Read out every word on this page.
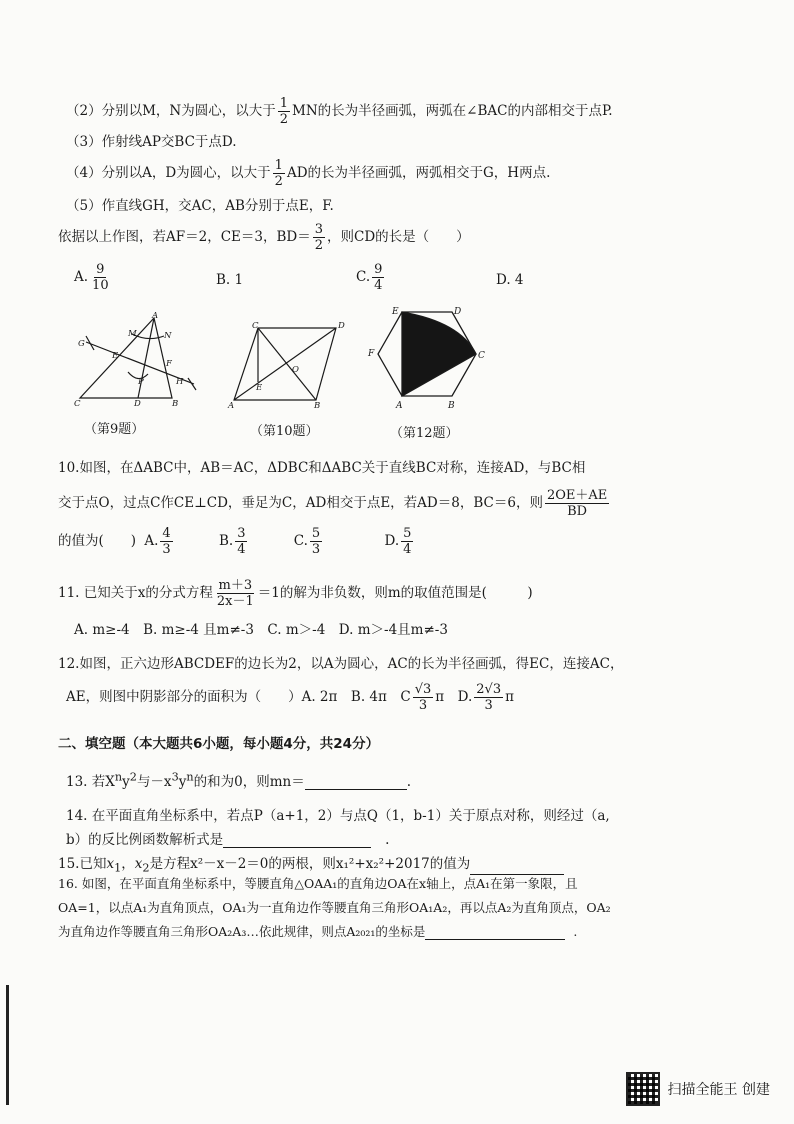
（2）分别以M，N为圆心，以大于 $\frac{1}{2}$ MN的长为半径画弧，两弧在∠BAC的内部相交于点P.
（3）作射线AP交BC于点D.
（4）分别以A，D为圆心，以大于 $\frac{1}{2}$ AD的长为半径画弧，两弧相交于G，H两点.
（5）作直线GH，交AC，AB分别于点E，F.
依据以上作图，若AF＝2，CE＝3，$BD= \frac{3}{2}$ ，则CD的长是（　　）
A. $\frac{9}{10}$	B. 1	C. $\frac{9}{4}$	D. 4
A
M	N
G
E
F
P	H
C	D	B
（第9题）
C	D
O
E
A	B
（第10题）
E	D
F	C
A	B
（第12题）
10.如图，在ΔABC中，AB＝AC，ΔDBC和ΔABC关于直线BC对称，连接AD，与BC相
交于点O，过点C作CE⊥CD，垂足为C，AD相交于点E，若AD＝8，BC＝6，则 $\frac{2OE+AE}{BD}$
的值为(　　) A. $\frac{4}{3}$	B. $\frac{3}{4}$	C. $\frac{5}{3}$	D. $\frac{5}{4}$
11. 已知关于x的分式方程 $\frac{m+3}{2x-1} =1$的解为非负数，则m的取值范围是(　　　)
A. m≥-4　B. m≥-4 且m≠-3　C. m＞-4　D. m＞-4且m≠-3
12.如图，正六边形ABCDEF的边长为2，以A为圆心，AC的长为半径画弧，得EC，连接AC，
AE，则图中阴影部分的面积为（　　）A. 2π　B. 4π　C $\frac{√3}{3}$ π　D. $\frac{2√3}{3}$ π
二、填空题（本大题共6小题，每小题4分，共24分）
13. 若$X^ny^2$与$-x^3y^n$的和为0，则mn＝	.
14. 在平面直角坐标系中，若点P（a+1，2）与点Q（1，b-1）关于原点对称，则经过（a,
b）的反比例函数解析式是	.
15.已知$x_1$，$x_2$是方程x²－x－2＝0的两根，则x₁²+x₂²+2017的值为
16. 如图，在平面直角坐标系中，等腰直角△OAA₁的直角边OA在x轴上，点A₁在第一象限，且
OA=1，以点A₁为直角顶点，OA₁为一直角边作等腰直角三角形OA₁A₂，再以点A₂为直角顶点，OA₂
为直角边作等腰直角三角形OA₂A₃…依此规律，则点A₂₀₂₁的坐标是	.
扫描全能王 创建
